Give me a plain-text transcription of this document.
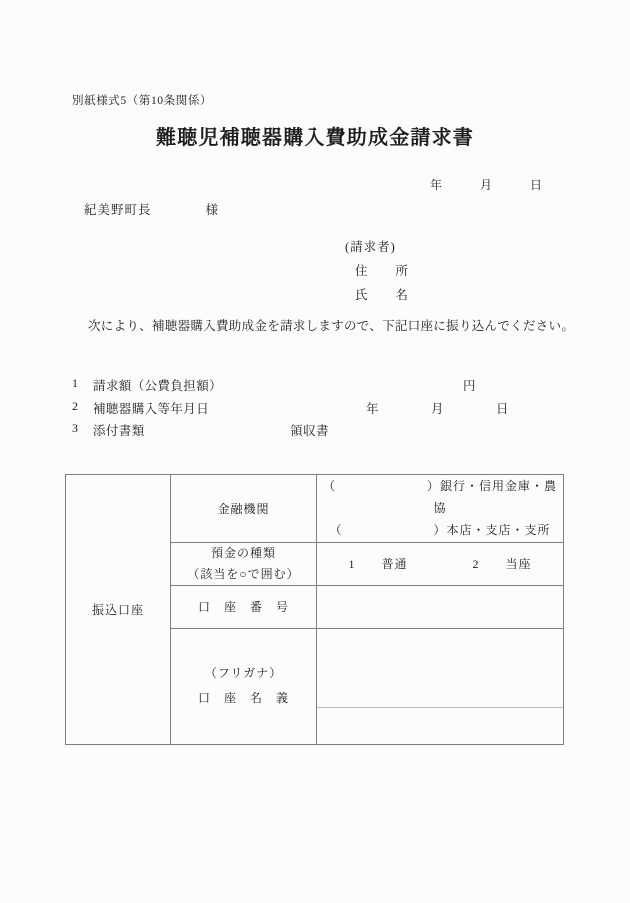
別紙様式5（第10条関係）
難聴児補聴器購入費助成金請求書
年　　　月　　　日
紀美野町長　　　　様
(請求者)
住　　所
氏　　名
次により、補聴器購入費助成金を請求しますので、下記口座に振り込んでください。
1 請求額（公費負担額）	円
2 補聴器購入等年月日	年　　　　月　　　　日
3 添付書類	領収書
振込口座	金融機関	（　　　　　　　）銀行・信用金庫・農協
（　　　　　　　）本店・支店・支所

	預金の種類
（該当を○で囲む）	1　　普通　　　　　2　　当座
	口　座　番　号	

	（フリガナ）
口　座　名　義	
